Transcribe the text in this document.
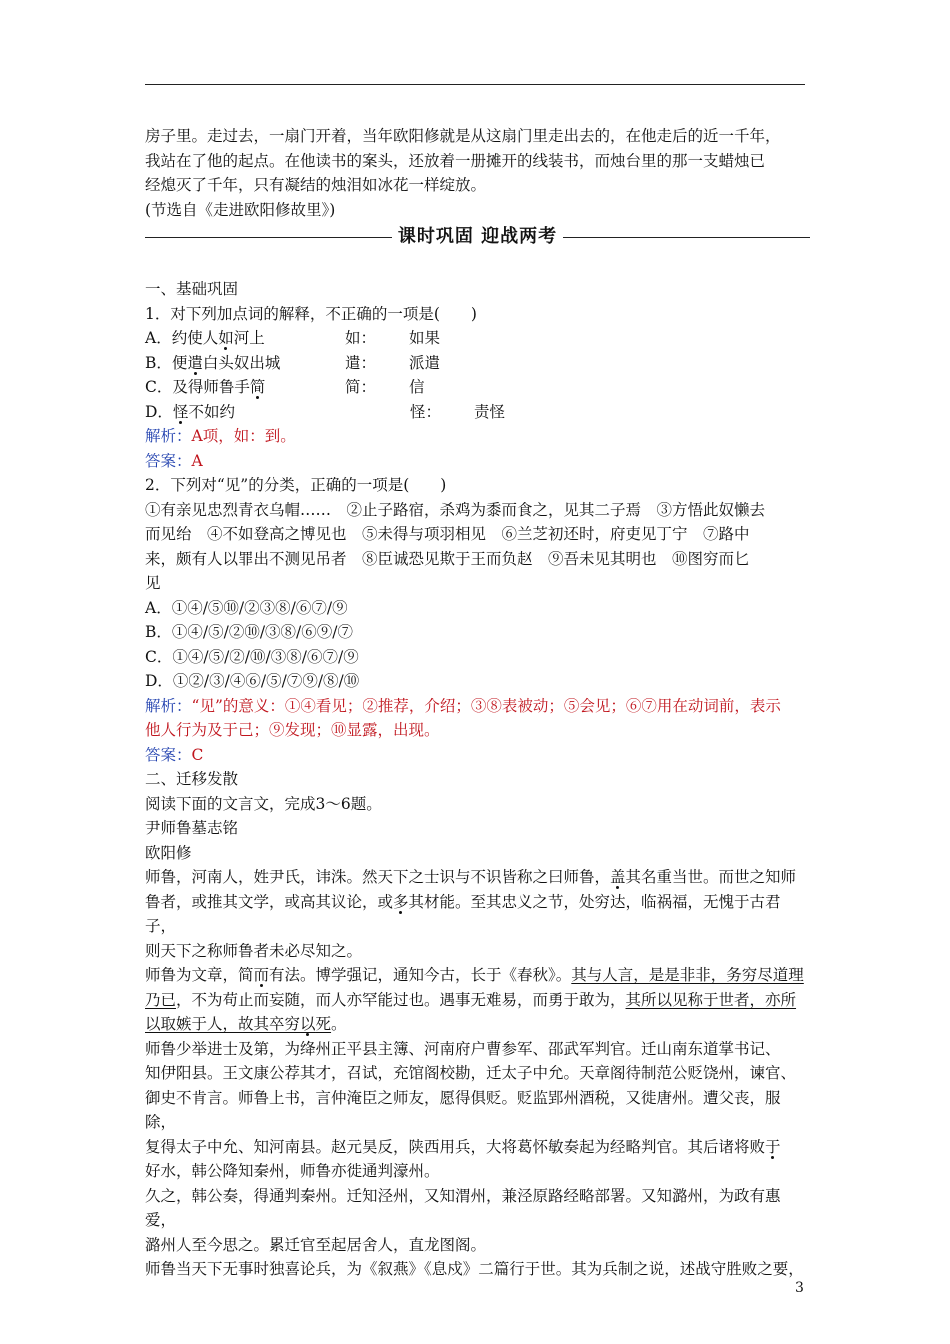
房子里。走过去，一扇门开着，当年欧阳修就是从这扇门里走出去的，在他走后的近一千年，

我站在了他的起点。在他读书的案头，还放着一册摊开的线装书，而烛台里的那一支蜡烛已

经熄灭了千年，只有凝结的烛泪如冰花一样绽放。

(节选自《走进欧阳修故里》)

课时巩固 迎战两考

一、基础巩固

1．对下列加点词的解释，不正确的一项是(　　)

A．约使人如河上	如：	如果
B．便遣白头奴出城	遣：	派遣
C．及得师鲁手简	简：	信
D．怪不如约	怪：	责怪

解析：A项，如：到。

答案：A

2．下列对“见”的分类，正确的一项是(　　)

①有亲见忠烈青衣乌帽……　②止子路宿，杀鸡为黍而食之，见其二子焉　③方悟此奴懒去

而见绐　④不如登高之博见也　⑤未得与项羽相见　⑥兰芝初还时，府吏见丁宁　⑦路中

来，颇有人以罪出不测见吊者　⑧臣诚恐见欺于王而负赵　⑨吾未见其明也　⑩图穷而匕

见

A．①④/⑤⑩/②③⑧/⑥⑦/⑨

B．①④/⑤/②⑩/③⑧/⑥⑨/⑦

C．①④/⑤/②/⑩/③⑧/⑥⑦/⑨

D．①②/③/④⑥/⑤/⑦⑨/⑧/⑩

解析：“见”的意义：①④看见；②推荐，介绍；③⑧表被动；⑤会见；⑥⑦用在动词前，表示

他人行为及于己；⑨发现；⑩显露，出现。

答案：C

二、迁移发散

阅读下面的文言文，完成3～6题。

尹师鲁墓志铭

欧阳修

师鲁，河南人，姓尹氏，讳洙。然天下之士识与不识皆称之曰师鲁，盖其名重当世。而世之知师

鲁者，或推其文学，或高其议论，或多其材能。至其忠义之节，处穷达，临祸福，无愧于古君子，

则天下之称师鲁者未必尽知之。

师鲁为文章，简而有法。博学强记，通知今古，长于《春秋》。其与人言，是是非非，务穷尽道理

乃已，不为苟止而妄随，而人亦罕能过也。遇事无难易，而勇于敢为，其所以见称于世者，亦所

以取嫉于人，故其卒穷以死。

师鲁少举进士及第，为绛州正平县主簿、河南府户曹参军、邵武军判官。迁山南东道掌书记、

知伊阳县。王文康公荐其才，召试，充馆阁校勘，迁太子中允。天章阁待制范公贬饶州，谏官、

御史不肯言。师鲁上书，言仲淹臣之师友，愿得俱贬。贬监郢州酒税，又徙唐州。遭父丧，服除，

复得太子中允、知河南县。赵元昊反，陕西用兵，大将葛怀敏奏起为经略判官。其后诸将败于

好水，韩公降知秦州，师鲁亦徙通判濠州。

久之，韩公奏，得通判秦州。迁知泾州，又知渭州，兼泾原路经略部署。又知潞州，为政有惠爱，

潞州人至今思之。累迁官至起居舍人，直龙图阁。

师鲁当天下无事时独喜论兵，为《叙燕》《息戍》二篇行于世。其为兵制之说，述战守胜败之要，

3
